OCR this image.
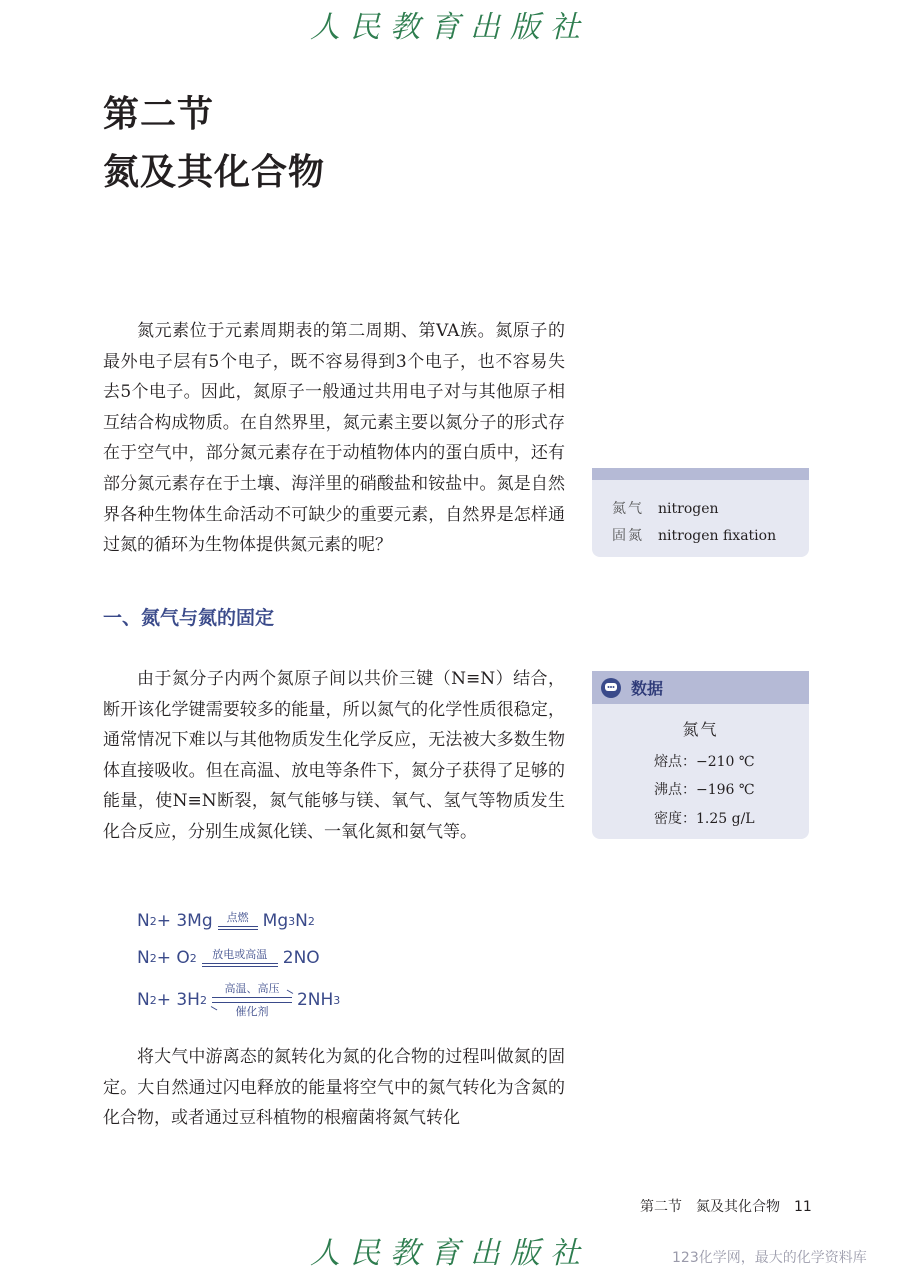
人民教育出版社
第二节
氮及其化合物

氮元素位于元素周期表的第二周期、第VA族。氮原子的最外电子层有5个电子，既不容易得到3个电子，也不容易失去5个电子。因此，氮原子一般通过共用电子对与其他原子相互结合构成物质。在自然界里，氮元素主要以氮分子的形式存在于空气中，部分氮元素存在于动植物体内的蛋白质中，还有部分氮元素存在于土壤、海洋里的硝酸盐和铵盐中。氮是自然界各种生物体生命活动不可缺少的重要元素，自然界是怎样通过氮的循环为生物体提供氮元素的呢？

氮气 nitrogen
固氮 nitrogen fixation
一、氮气与氮的固定

由于氮分子内两个氮原子间以共价三键（N≡N）结合，断开该化学键需要较多的能量，所以氮气的化学性质很稳定，通常情况下难以与其他物质发生化学反应，无法被大多数生物体直接吸收。但在高温、放电等条件下，氮分子获得了足够的能量，使N≡N断裂，氮气能够与镁、氧气、氢气等物质发生化合反应，分别生成氮化镁、一氧化氮和氨气等。

数据
氮气
熔点：−210 ℃
沸点：−196 ℃
密度：1.25 g/L
N 2 + 3Mg 点燃 Mg 3 N 2
N 2 + O 2 放电或高温 2NO
N 2 + 3H 2
高温、高压
催化剂
2NH 3

将大气中游离态的氮转化为氮的化合物的过程叫做氮的固定。大自然通过闪电释放的能量将空气中的氮气转化为含氮的化合物，或者通过豆科植物的根瘤菌将氮气转化

第二节　氮及其化合物 11
人民教育出版社	123化学网，最大的化学资料库
